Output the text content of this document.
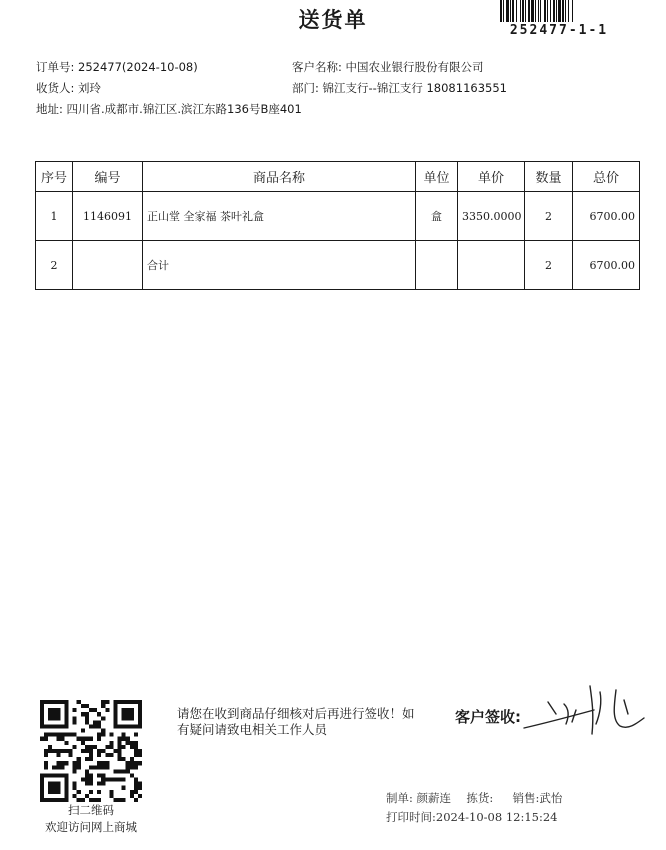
送货单	252477-1-1
订单号: 252477(2024-10-08)
收货人: 刘玲
地址: 四川省.成都市.锦江区.滨江东路136号B座401
客户名称: 中国农业银行股份有限公司
部门: 锦江支行--锦江支行 18081163551
序号	编号	商品名称	单位	单价	数量	总价
1	1146091	正山堂 全家福 茶叶礼盒	盒	3350.0000	2	6700.00
2		合计			2	6700.00
扫二维码
欢迎访问网上商城
请您在收到商品仔细核对后再进行签收！如有疑问请致电相关工作人员
客户签收:
制单: 颜薪连 拣货: 销售:武怡
打印时间:2024-10-08 12:15:24
